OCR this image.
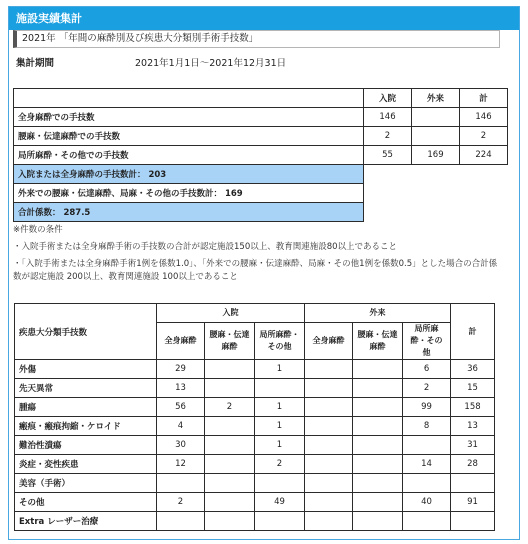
施設実績集計
2021年 「年間の麻酔別及び疾患大分類別手術手技数」
集計期間	2021年1月1日～2021年12月31日
	入院	外来	計
全身麻酔での手技数	146		146
腰麻・伝達麻酔での手技数	2		2
局所麻酔・その他での手技数	55	169	224
入院または全身麻酔の手技数計： 203			
外来での腰麻・伝達麻酔、局麻・その他の手技数計： 169			
合計係数： 287.5			
※件数の条件
・入院手術または全身麻酔手術の手技数の合計が認定施設150以上、教育関連施設80以上であること
・「入院手術または全身麻酔手術1例を係数1.0」、「外来での腰麻・伝達麻酔、局麻・その他1例を係数0.5」とした場合の合計係数が認定施設 200以上、教育関連施設 100以上であること
疾患大分類手技数	入院			外来			計
	全身麻酔	腰麻・伝達麻酔	局所麻酔・その他	全身麻酔	腰麻・伝達麻酔	局所麻酔・その他	
外傷	29		1			6	36
先天異常	13					2	15
腫瘍	56	2	1			99	158
瘢痕・瘢痕拘縮・ケロイド	4		1			8	13
難治性潰瘍	30		1				31
炎症・変性疾患	12		2			14	28
美容（手術）							
その他	2		49			40	91
Extra レーザー治療							
